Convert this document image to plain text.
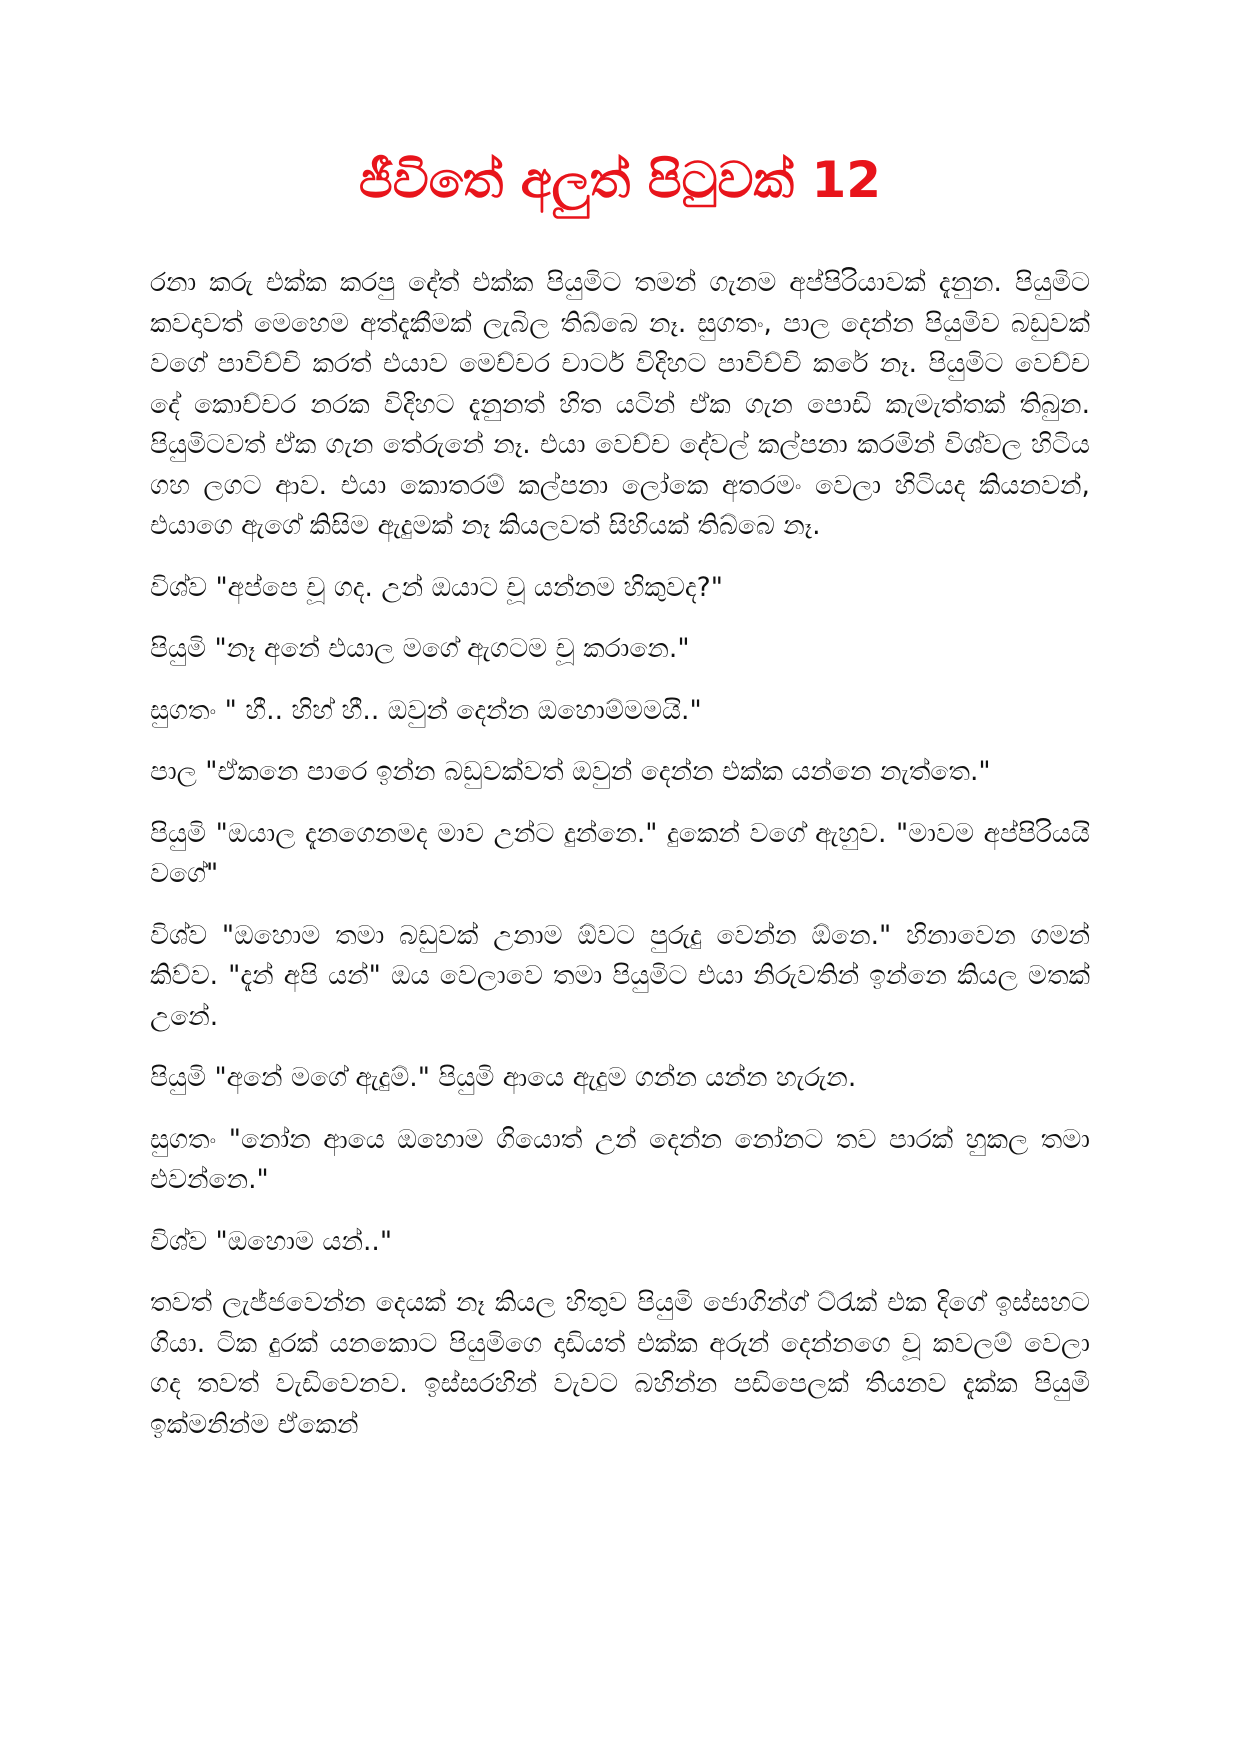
ජීවිතේ අලුත් පිටුවක් 12

රනා කරු එක්ක කරපු දේත් එක්ක පියුමිට තමන් ගැනම අප්පිරියාවක් දැනුන. පියුමිට කවදාවත් මෙහෙම අත්දැකීමක් ලැබිල තිබ්බෙ නෑ. සුගතං, පාල දෙන්න පියුමිව බඩුවක් වගේ පාවිච්චි කරත් එයාව මෙච්චර චාටර් විදිහට පාවිච්චි කරේ නෑ. පියුමිට වෙච්ච දේ කොච්චර නරක විදිහට දැනුනත් හිත යටින් ඒක ගැන පොඩි කැමැත්තක් තිබුන. පියුමිටවත් ඒක ගැන තේරුනේ නෑ. එයා වෙච්ච දේවල් කල්පනා කරමින් විශ්වල හිටිය ගහ ලගට ආව. එයා කොතරම් කල්පනා ලෝකෙ අතරමං වෙලා හිටියද කියනවන්, එයාගෙ ඇගේ කිසිම ඇදුමක් නෑ කියලවත් සිහියක් තිබ්බෙ නෑ.

විශ්ව "අප්පෙ චූ ගද. උන් ඔයාට චූ යන්නම හිකුවද?"

පියුමි "නෑ අනේ එයාල මගේ ඇගටම චූ කරානෙ."

සුගතං " හී.. හිහ් හී.. ඔවුන් දෙන්න ඔහොම්මමයි."

පාල "ඒකනෙ පාරෙ ඉන්න බඩුවක්වත් ඔවුන් දෙන්න එක්ක යන්නෙ නැත්තෙ."

පියුමි "ඔයාල දැනගෙනමද මාව උන්ට දුන්නෙ." දුකෙන් වගේ ඇහුව. "මාවම අප්පිරියයි වගේ"

විශ්ව "ඔහොම තමා බඩුවක් උනාම ඕවට පුරුදු වෙන්න ඕනෙ." හිනාවෙන ගමන් කිව්ව. "දැන් අපි යන්" ඔය වෙලාවෙ තමා පියුමිට එයා නිරුවතින් ඉන්නෙ කියල මතක් උනේ.

පියුමි "අනේ මගේ ඇදුම්." පියුමි ආයෙ ඇදුම ගන්න යන්න හැරුන.

සුගතං "නෝන ආයෙ ඔහොම ගියොත් උන් දෙන්න නෝනට තව පාරක් හුකල තමා එවන්නෙ."

විශ්ව "ඔහොම යන්.."

තවත් ලැජ්ජවෙන්න දෙයක් නෑ කියල හිතුව පියුමි ජොගින්ග් ට්රැක් එක දිගේ ඉස්සහට ගියා. ටික දුරක් යනකොට පියුමිගෙ දාඩියත් එක්ක අරුන් දෙන්නගෙ චූ කවලම් වෙලා ගද තවත් වැඩිවෙනව. ඉස්සරහින් වැවට බහින්න පඩිපෙලක් තියනව දැක්ක පියුමි ඉක්මනින්ම ඒකෙන්
